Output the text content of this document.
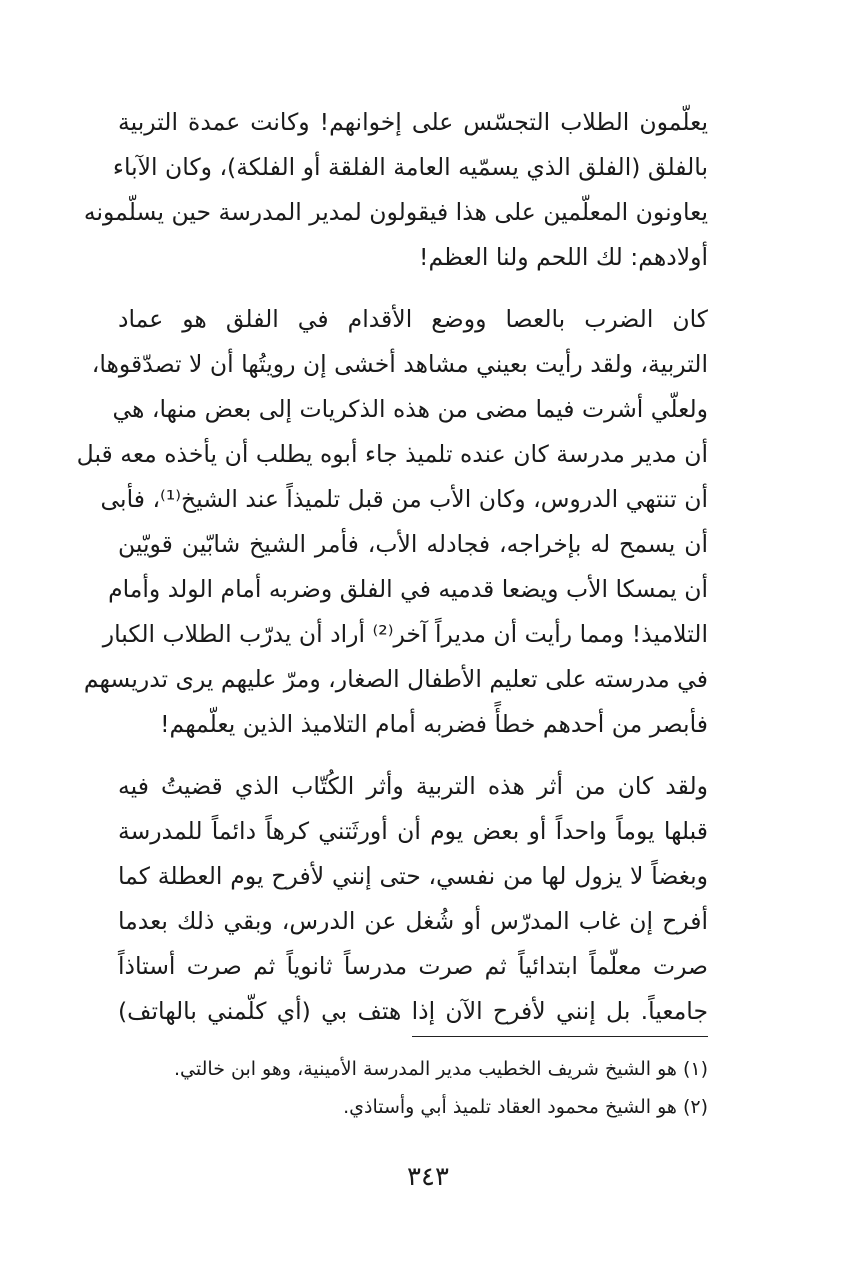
يعلّمون الطلاب التجسّس على إخوانهم! وكانت عمدة التربية
بالفلق (الفلق الذي يسمّيه العامة الفلقة أو الفلكة)، وكان الآباء
يعاونون المعلّمين على هذا فيقولون لمدير المدرسة حين يسلّمونه
أولادهم: لك اللحم ولنا العظم!
كان الضرب بالعصا ووضع الأقدام في الفلق هو عماد
التربية، ولقد رأيت بعيني مشاهد أخشى إن رويتُها أن لا تصدّقوها،
ولعلّي أشرت فيما مضى من هذه الذكريات إلى بعض منها، هي
أن مدير مدرسة كان عنده تلميذ جاء أبوه يطلب أن يأخذه معه قبل
أن تنتهي الدروس، وكان الأب من قبل تلميذاً عند الشيخ⁽¹⁾، فأبى
أن يسمح له بإخراجه، فجادله الأب، فأمر الشيخ شابّين قويّين
أن يمسكا الأب ويضعا قدميه في الفلق وضربه أمام الولد وأمام
التلاميذ! ومما رأيت أن مديراً آخر⁽²⁾ أراد أن يدرّب الطلاب الكبار
في مدرسته على تعليم الأطفال الصغار، ومرّ عليهم يرى تدريسهم
فأبصر من أحدهم خطأً فضربه أمام التلاميذ الذين يعلّمهم!
ولقد كان من أثر هذه التربية وأثر الكُتّاب الذي قضيتُ فيه
قبلها يوماً واحداً أو بعض يوم أن أورثَتني كرهاً دائماً للمدرسة
وبغضاً لا يزول لها من نفسي، حتى إنني لأفرح يوم العطلة كما
أفرح إن غاب المدرّس أو شُغل عن الدرس، وبقي ذلك بعدما
صرت معلّماً ابتدائياً ثم صرت مدرساً ثانوياً ثم صرت أستاذاً
جامعياً. بل إنني لأفرح الآن إذا هتف بي (أي كلّمني بالهاتف)
(١) هو الشيخ شريف الخطيب مدير المدرسة الأمينية، وهو ابن خالتي.
(٢) هو الشيخ محمود العقاد تلميذ أبي وأستاذي.
٣٤٣
